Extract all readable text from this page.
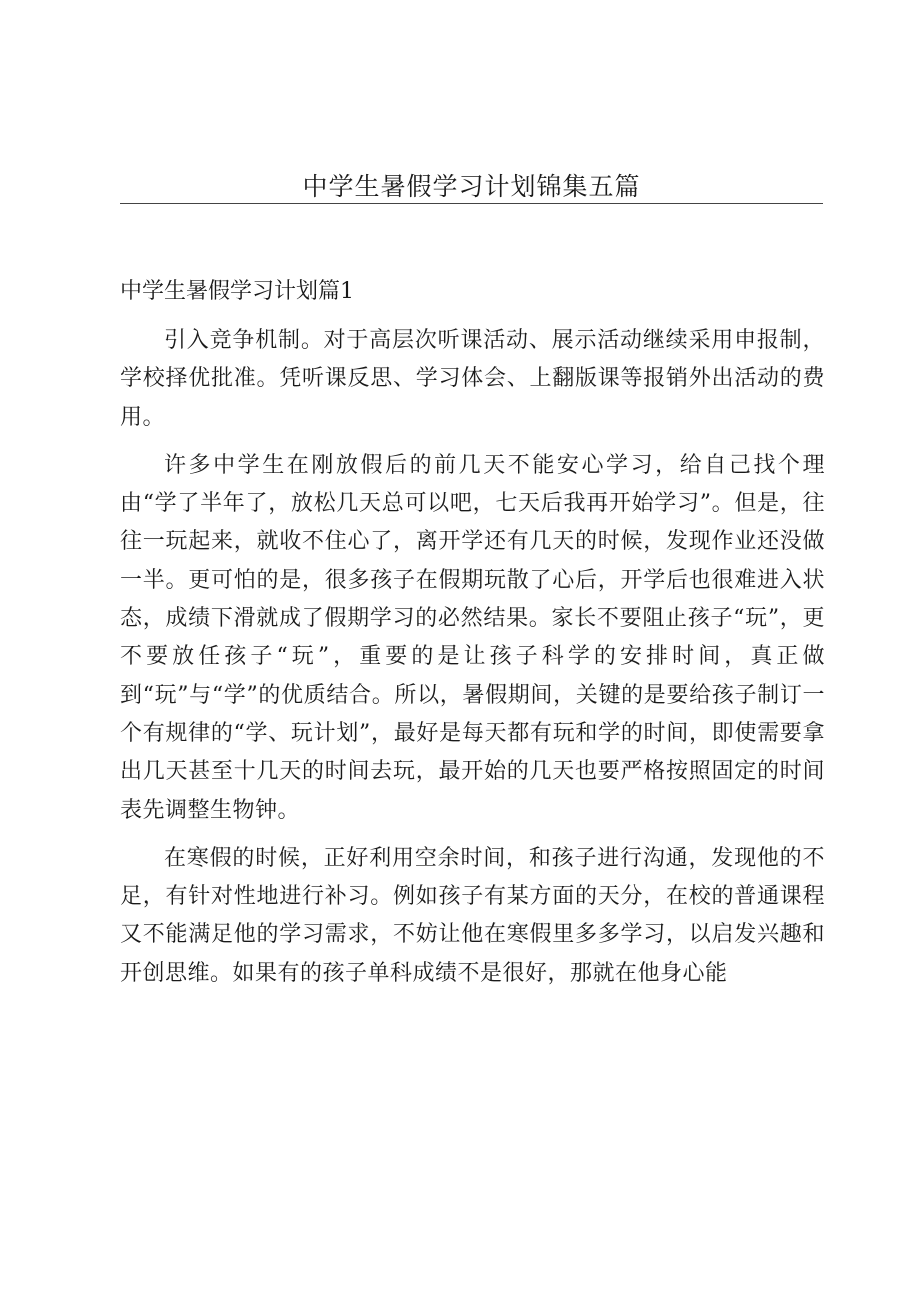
中学生暑假学习计划锦集五篇
中学生暑假学习计划篇1

引入竞争机制。对于高层次听课活动、展示活动继续采用申报制，学校择优批准。凭听课反思、学习体会、上翻版课等报销外出活动的费用。

许多中学生在刚放假后的前几天不能安心学习，给自己找个理由“学了半年了，放松几天总可以吧，七天后我再开始学习”。但是，往往一玩起来，就收不住心了，离开学还有几天的时候，发现作业还没做一半。更可怕的是，很多孩子在假期玩散了心后，开学后也很难进入状态，成绩下滑就成了假期学习的必然结果。家长不要阻止孩子“玩”，更不要放任孩子“玩”，重要的是让孩子科学的安排时间，真正做到“玩”与“学”的优质结合。所以，暑假期间，关键的是要给孩子制订一个有规律的“学、玩计划”，最好是每天都有玩和学的时间，即使需要拿出几天甚至十几天的时间去玩，最开始的几天也要严格按照固定的时间表先调整生物钟。

在寒假的时候，正好利用空余时间，和孩子进行沟通，发现他的不足，有针对性地进行补习。例如孩子有某方面的天分，在校的普通课程又不能满足他的学习需求，不妨让他在寒假里多多学习，以启发兴趣和开创思维。如果有的孩子单科成绩不是很好，那就在他身心能
